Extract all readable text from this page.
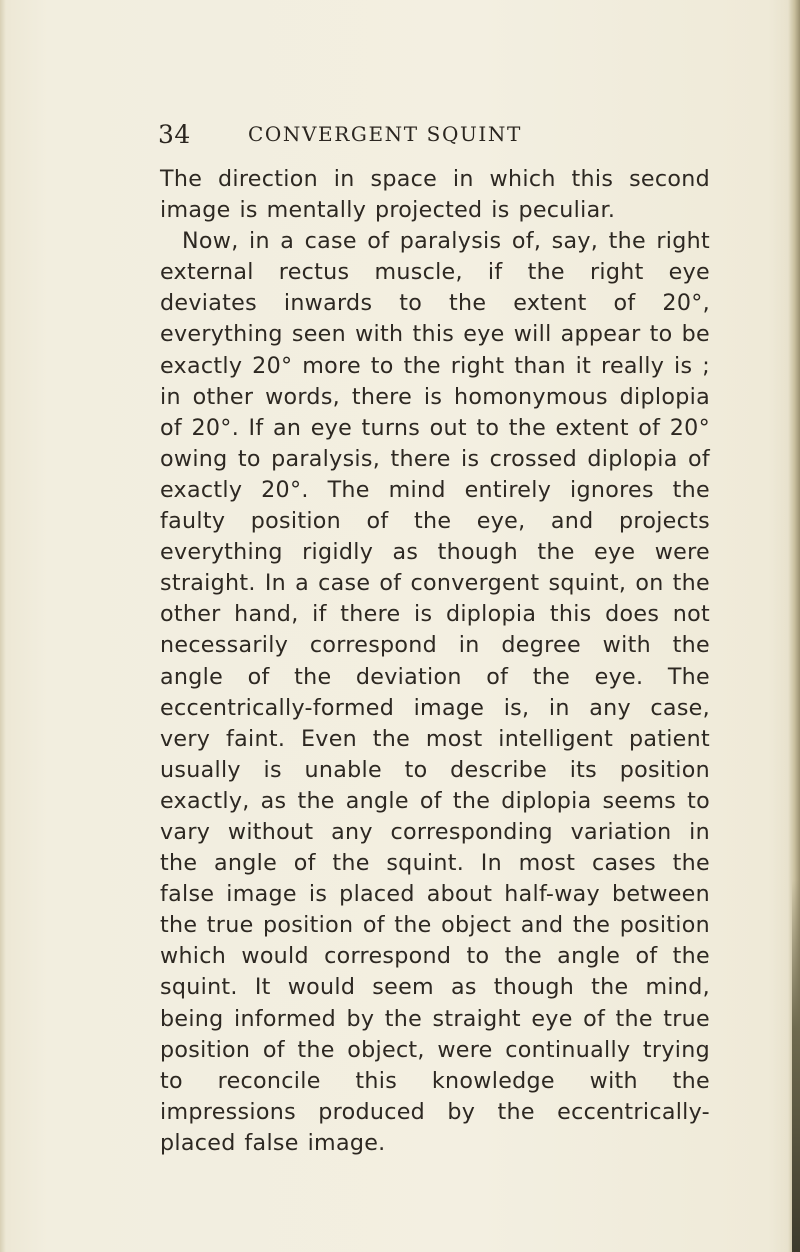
34	CONVERGENT SQUINT

The direction in space in which this second image is mentally projected is peculiar.

Now, in a case of paralysis of, say, the right external rectus muscle, if the right eye deviates inwards to the extent of 20°, everything seen with this eye will appear to be exactly 20° more to the right than it really is ; in other words, there is homonymous diplopia of 20°. If an eye turns out to the extent of 20° owing to paralysis, there is crossed diplopia of exactly 20°. The mind entirely ignores the faulty position of the eye, and projects everything rigidly as though the eye were straight. In a case of convergent squint, on the other hand, if there is diplopia this does not necessarily correspond in degree with the angle of the deviation of the eye. The eccentrically-formed image is, in any case, very faint. Even the most intelligent patient usually is unable to describe its position exactly, as the angle of the diplopia seems to vary without any corresponding variation in the angle of the squint. In most cases the false image is placed about half-way between the true position of the object and the position which would correspond to the angle of the squint. It would seem as though the mind, being informed by the straight eye of the true position of the object, were continually trying to reconcile this knowledge with the impressions produced by the eccentrically-placed false image.
